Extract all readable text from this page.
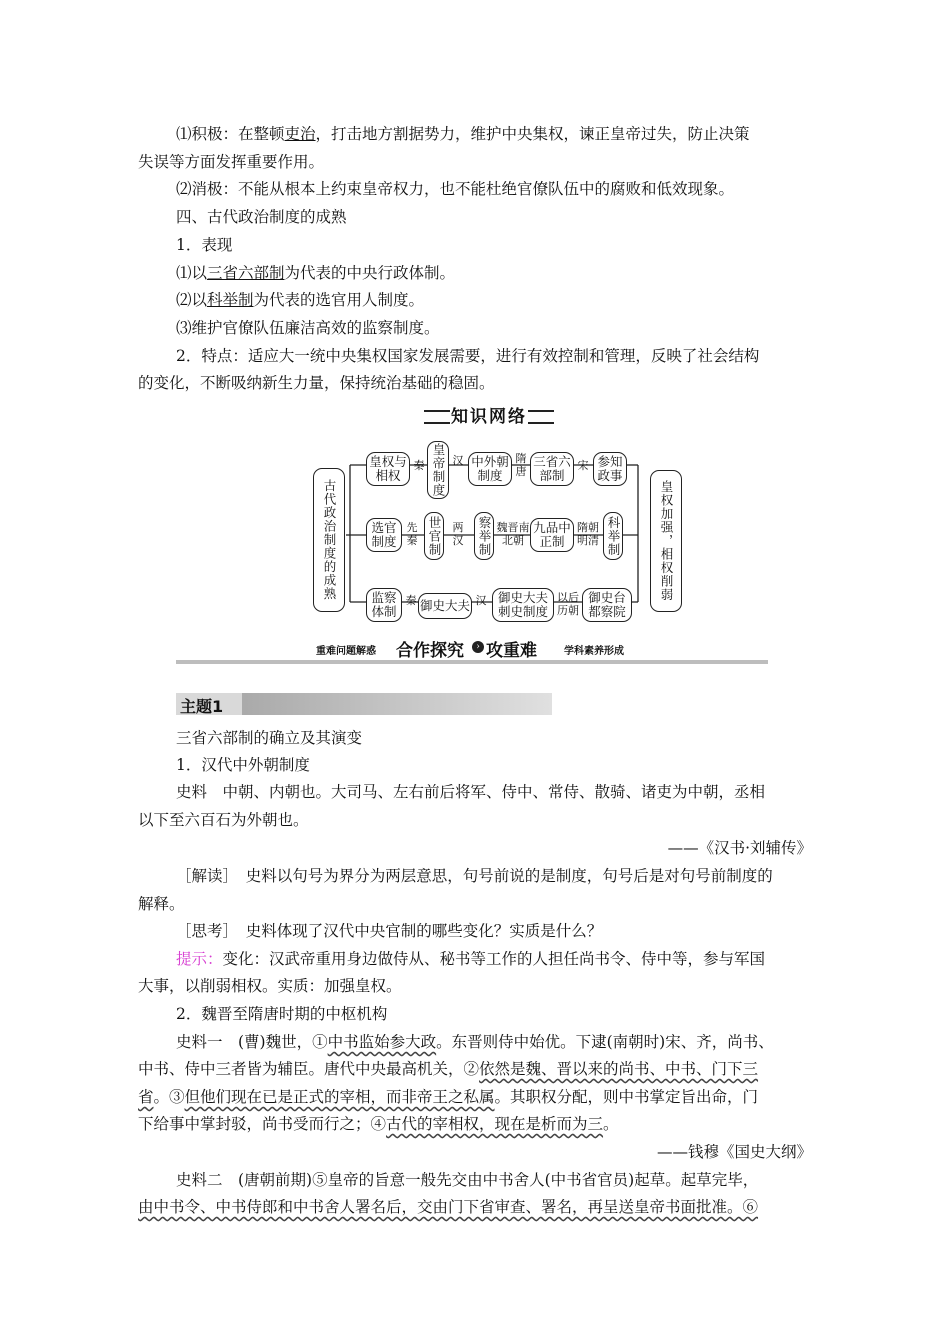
⑴积极：在整顿吏治，打击地方割据势力，维护中央集权，谏正皇帝过失，防止决策
失误等方面发挥重要作用。
⑵消极：不能从根本上约束皇帝权力，也不能杜绝官僚队伍中的腐败和低效现象。
四、古代政治制度的成熟
1．表现
⑴以三省六部制为代表的中央行政体制。
⑵以科举制为代表的选官用人制度。
⑶维护官僚队伍廉洁高效的监察制度。
2．特点：适应大一统中央集权国家发展需要，进行有效控制和管理，反映了社会结构
的变化，不断吸纳新生力量，保持统治基础的稳固。
知识网络
古代政治制度的成熟	皇权加强，相权削弱
皇权与相权
秦 皇帝制度 汉 中外朝制度
隋唐
三省六部制
宋 参知政事
选官制度
先秦 世官制 两汉 察举制 魏晋南北朝
九品中正制
隋朝明清 科举制
监察体制
秦 御史大夫 汉 御史大夫刺史制度
以后历朝
御史台都察院
重难问题解惑 合作探究	› 攻重难	学科素养形成
主题1
三省六部制的确立及其演变
1．汉代中外朝制度
史料　中朝、内朝也。大司马、左右前后将军、侍中、常侍、散骑、诸吏为中朝，丞相
以下至六百石为外朝也。
——《汉书·刘辅传》
［解读］　史料以句号为界分为两层意思，句号前说的是制度，句号后是对句号前制度的
解释。
［思考］　史料体现了汉代中央官制的哪些变化？实质是什么？
提示：变化：汉武帝重用身边做侍从、秘书等工作的人担任尚书令、侍中等，参与军国
大事，以削弱相权。实质：加强皇权。
2．魏晋至隋唐时期的中枢机构
史料一　(曹)魏世，①中书监始参大政。东晋则侍中始优。下逮(南朝时)宋、齐，尚书、
中书、侍中三者皆为辅臣。唐代中央最高机关，②依然是魏、晋以来的尚书、中书、门下三
省。③但他们现在已是正式的宰相，而非帝王之私属。其职权分配，则中书掌定旨出命，门
下给事中掌封驳，尚书受而行之；④古代的宰相权，现在是析而为三。
——钱穆《国史大纲》
史料二　(唐朝前期)⑤皇帝的旨意一般先交由中书舍人(中书省官员)起草。起草完毕，
由中书令、中书侍郎和中书舍人署名后，交由门下省审查、署名，再呈送皇帝书面批准。⑥
